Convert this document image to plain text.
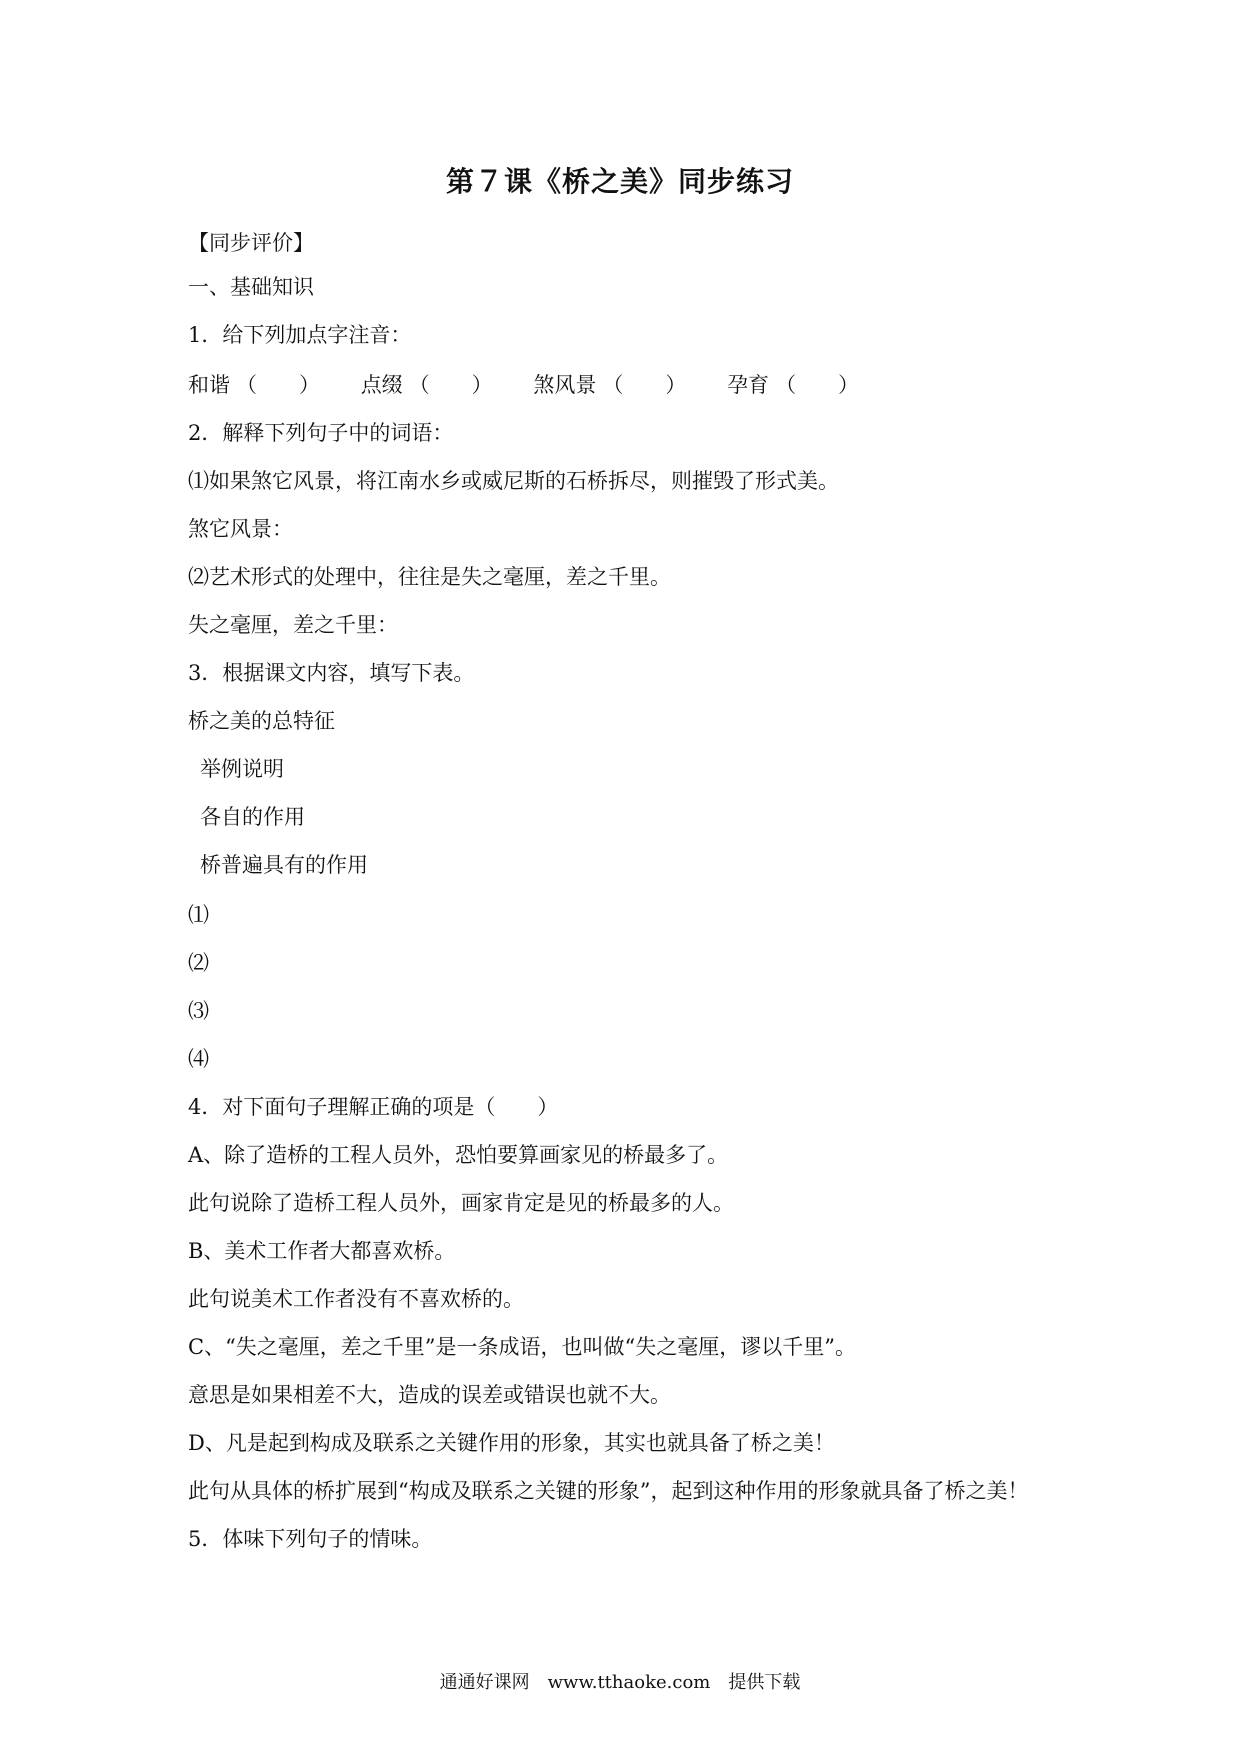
第７课《桥之美》同步练习
【同步评价】
一、基础知识
1．给下列加点字注音：
和谐 （　　） 点缀 （　　） 煞风景 （　　） 孕育 （　　）
2．解释下列句子中的词语：
⑴如果煞它风景，将江南水乡或威尼斯的石桥拆尽，则摧毁了形式美。
煞它风景：
⑵艺术形式的处理中，往往是失之毫厘，差之千里。
失之毫厘，差之千里：
3．根据课文内容，填写下表。
桥之美的总特征
举例说明
各自的作用
桥普遍具有的作用
⑴
⑵
⑶
⑷
4．对下面句子理解正确的项是（　　）
A、除了造桥的工程人员外，恐怕要算画家见的桥最多了。
此句说除了造桥工程人员外，画家肯定是见的桥最多的人。
B、美术工作者大都喜欢桥。
此句说美术工作者没有不喜欢桥的。
C、“失之毫厘，差之千里”是一条成语，也叫做“失之毫厘，谬以千里”。
意思是如果相差不大，造成的误差或错误也就不大。
D、凡是起到构成及联系之关键作用的形象，其实也就具备了桥之美！
此句从具体的桥扩展到“构成及联系之关键的形象”，起到这种作用的形象就具备了桥之美！
5．体味下列句子的情味。
通通好课网　www.tthaoke.com　提供下载
